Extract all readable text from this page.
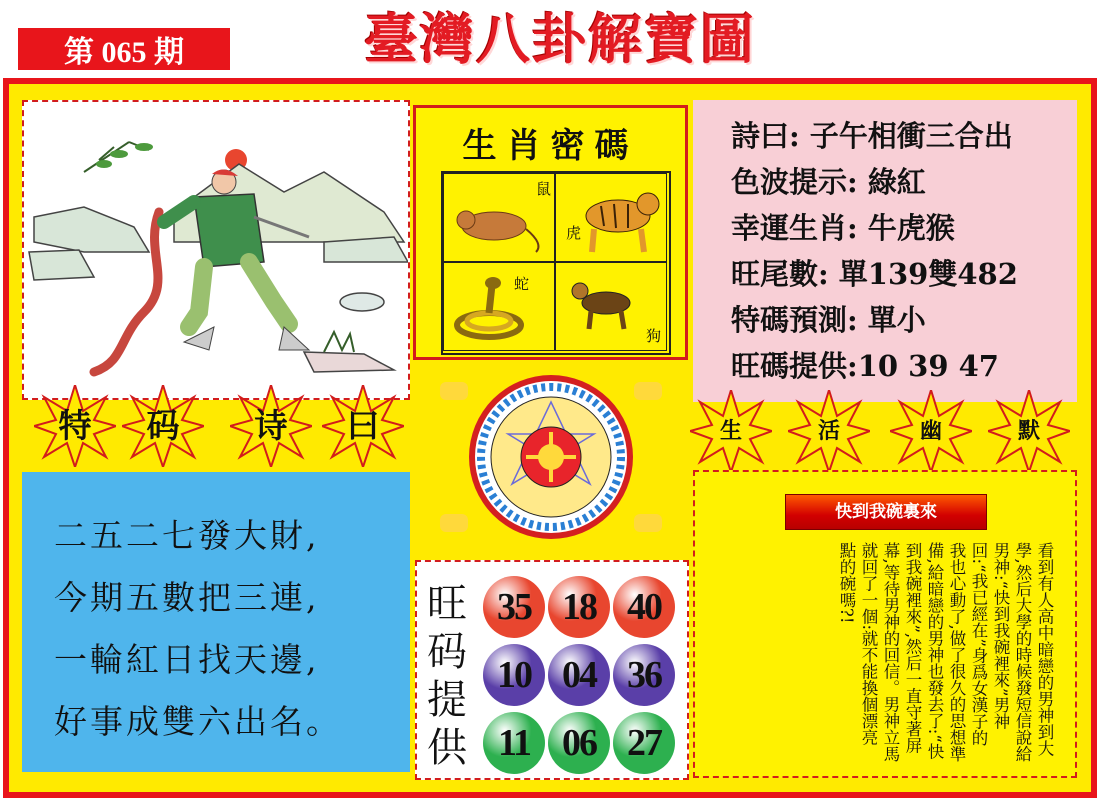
第 065 期	臺灣八卦解寶圖
生肖密碼
鼠
虎
蛇
狗
詩曰: 子午相衝三合出
色波提示: 綠紅
幸運生肖: 牛虎猴
旺尾數: 單139雙482
特碼預測: 單小
旺碼提供:10 39 47
特	码	诗	曰	生	活	幽	默
二五二七發大財,
今期五數把三連,
一輪紅日找天邊,
好事成雙六出名。
旺
码
提
供
35 18 40
10 04 36
11 06 27
快到我碗裏來
看到有人高中暗戀的男神到大學,然后大學的時候發短信說給男神:“快到我碗裡來”男神回:“我已經在”身爲女漢子的我也心動了,做了很久的思想準備,給暗戀的男神也發去了:“快到我碗裡來”,然后一直守著屏幕,等待男神的回信。男神立馬就回了一個:就不能換個漂亮點的碗嗎?!
